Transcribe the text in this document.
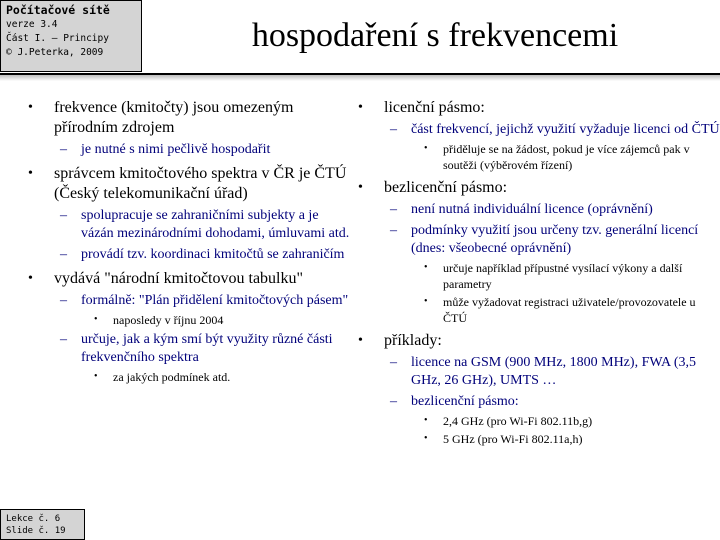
Počítačové sítě
verze 3.4
Část I. – Principy
© J.Peterka, 2009	hospodaření s frekvencemi
• frekvence (kmitočty) jsou omezeným přírodním zdrojem
– je nutné s nimi pečlivě hospodařit
• správcem kmitočtového spektra v ČR je ČTÚ (Český telekomunikační úřad)
– spolupracuje se zahraničními subjekty a je vázán mezinárodními dohodami, úmluvami atd.
– provádí tzv. koordinaci kmitočtů se zahraničím
• vydává "národní kmitočtovou tabulku"
– formálně: "Plán přidělení kmitočtových pásem"
• naposledy v říjnu 2004
– určuje, jak a kým smí být využity různé části frekvenčního spektra
• za jakých podmínek atd.
• licenční pásmo:
– část frekvencí, jejichž využití vyžaduje licenci od ČTÚ
• přiděluje se na žádost, pokud je více zájemců pak v soutěži (výběrovém řízení)
• bezlicenční pásmo:
– není nutná individuální licence (oprávnění)
– podmínky využití jsou určeny tzv. generální licencí (dnes: všeobecné oprávnění)
• určuje například přípustné vysílací výkony a další parametry
• může vyžadovat registraci uživatele/provozovatele u ČTÚ
• příklady:
– licence na GSM (900 MHz, 1800 MHz), FWA (3,5 GHz, 26 GHz), UMTS …
– bezlicenční pásmo:
• 2,4 GHz (pro Wi-Fi 802.11b,g)
• 5 GHz (pro Wi-Fi 802.11a,h)
Lekce č. 6
Slide č. 19
